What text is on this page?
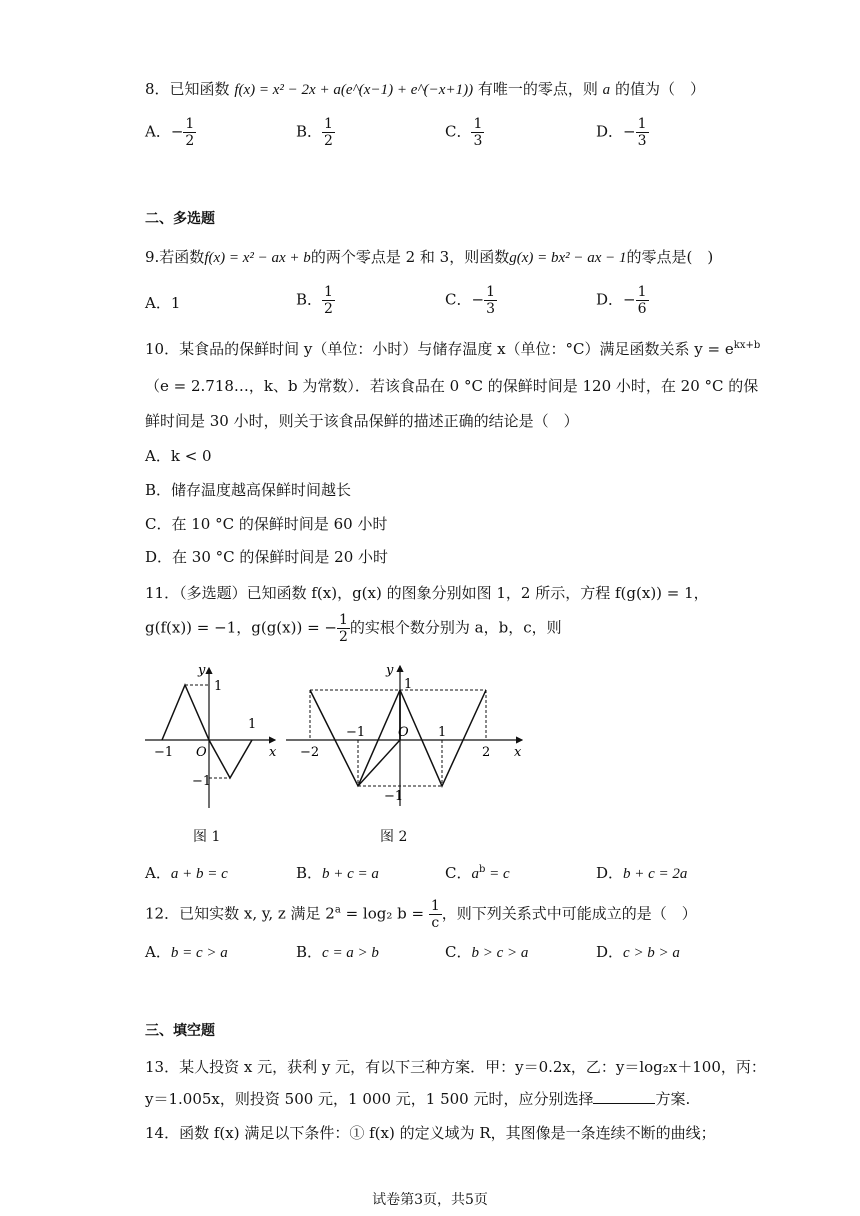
8．已知函数 f(x) = x² − 2x + a(e^(x−1) + e^(−x+1)) 有唯一的零点，则 a 的值为（　）
A．− $\frac{1}{2}$	B． $\frac{1}{2}$	C． $\frac{1}{3}$	D．− $\frac{1}{3}$
二、多选题
9.若函数f(x) = x² − ax + b的两个零点是 2 和 3，则函数g(x) = bx² − ax − 1的零点是(　)
A．1	B． $\frac{1}{2}$	C．− $\frac{1}{3}$	D．− $\frac{1}{6}$
10．某食品的保鲜时间 y（单位：小时）与储存温度 x（单位：°C）满足函数关系 $y = e^{kx+b}$
（e = 2.718…，k、b 为常数）．若该食品在 0 °C 的保鲜时间是 120 小时，在 20 °C 的保
鲜时间是 30 小时，则关于该食品保鲜的描述正确的结论是（　）
A．k < 0
B．储存温度越高保鲜时间越长
C．在 10 °C 的保鲜时间是 60 小时
D．在 30 °C 的保鲜时间是 20 小时
11．（多选题）已知函数 f(x)，g(x) 的图象分别如图 1，2 所示，方程 f(g(x)) = 1，
g(f(x)) = −1，g(g(x)) = − $\frac{1}{2}$ 的实根个数分别为 a，b，c，则
y
x
1
1
−1 O
−1
y
x
1
−2
−1	O 1
2
−1
图 1	图 2
A．a + b = c	B．b + c = a	C．$a^b = c$	D．b + c = 2a
12．已知实数 x, y, z 满足 $2^a = \log_2$ $b = \frac{1}{c}$ ，则下列关系式中可能成立的是（　）
A．b = c > a	B．c = a > b	C．b > c > a	D．c > b > a
三、填空题
13．某人投资 x 元，获利 y 元，有以下三种方案．甲：y＝0.2x，乙：y＝log₂x＋100，丙：
y＝1.005x，则投资 500 元，1 000 元，1 500 元时，应分别选择	方案.
14．函数 f(x) 满足以下条件：① f(x) 的定义域为 R，其图像是一条连续不断的曲线；
试卷第3页，共5页
